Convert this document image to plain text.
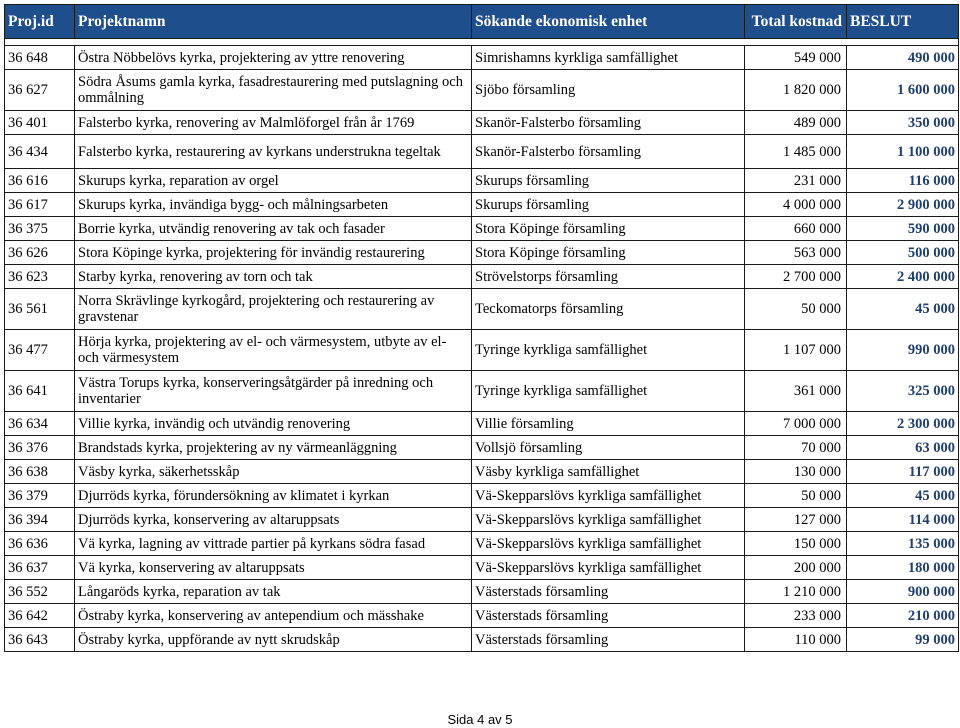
Proj.id	Projektnamn	Sökande ekonomisk enhet	Total kostnad	BESLUT

36 648	Östra Nöbbelövs kyrka, projektering av yttre renovering	Simrishamns kyrkliga samfällighet	549 000	490 000
36 627	Södra Åsums gamla kyrka, fasadrestaurering med putslagning och ommålning	Sjöbo församling	1 820 000	1 600 000
36 401	Falsterbo kyrka, renovering av Malmlöforgel från år 1769	Skanör-Falsterbo församling	489 000	350 000
36 434	Falsterbo kyrka, restaurering av kyrkans understrukna tegeltak	Skanör-Falsterbo församling	1 485 000	1 100 000
36 616	Skurups kyrka, reparation av orgel	Skurups församling	231 000	116 000
36 617	Skurups kyrka, invändiga bygg- och målningsarbeten	Skurups församling	4 000 000	2 900 000
36 375	Borrie kyrka, utvändig renovering av tak och fasader	Stora Köpinge församling	660 000	590 000
36 626	Stora Köpinge kyrka, projektering för invändig restaurering	Stora Köpinge församling	563 000	500 000
36 623	Starby kyrka, renovering av torn och tak	Strövelstorps församling	2 700 000	2 400 000
36 561	Norra Skrävlinge kyrkogård, projektering och restaurering av gravstenar	Teckomatorps församling	50 000	45 000
36 477	Hörja kyrka, projektering av el- och värmesystem, utbyte av el- och värmesystem	Tyringe kyrkliga samfällighet	1 107 000	990 000
36 641	Västra Torups kyrka, konserveringsåtgärder på inredning och inventarier	Tyringe kyrkliga samfällighet	361 000	325 000
36 634	Villie kyrka, invändig och utvändig renovering	Villie församling	7 000 000	2 300 000
36 376	Brandstads kyrka, projektering av ny värmeanläggning	Vollsjö församling	70 000	63 000
36 638	Väsby kyrka, säkerhetsskåp	Väsby kyrkliga samfällighet	130 000	117 000
36 379	Djurröds kyrka, förundersökning av klimatet i kyrkan	Vä-Skepparslövs kyrkliga samfällighet	50 000	45 000
36 394	Djurröds kyrka, konservering av altaruppsats	Vä-Skepparslövs kyrkliga samfällighet	127 000	114 000
36 636	Vä kyrka, lagning av vittrade partier på kyrkans södra fasad	Vä-Skepparslövs kyrkliga samfällighet	150 000	135 000
36 637	Vä kyrka, konservering av altaruppsats	Vä-Skepparslövs kyrkliga samfällighet	200 000	180 000
36 552	Långaröds kyrka, reparation av tak	Västerstads församling	1 210 000	900 000
36 642	Östraby kyrka, konservering av antependium och mässhake	Västerstads församling	233 000	210 000
36 643	Östraby kyrka, uppförande av nytt skrudskåp	Västerstads församling	110 000	99 000
Sida 4 av 5
